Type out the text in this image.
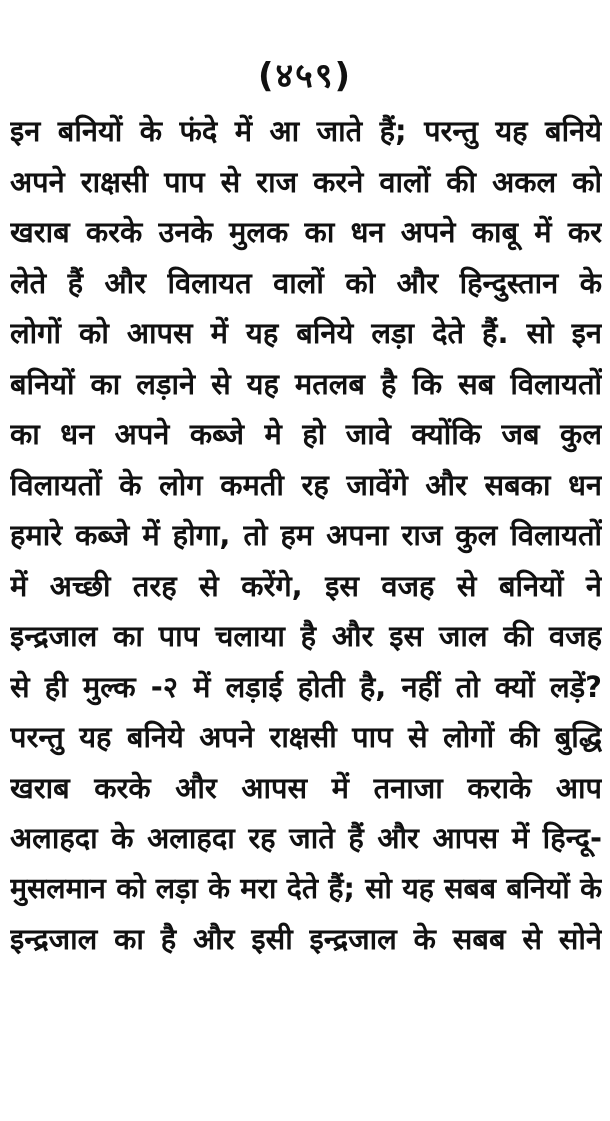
(४५९)
इन बनियों के फंदे में आ जाते हैं; परन्तु यह बनिये
अपने राक्षसी पाप से राज करने वालों की अकल को
खराब करके उनके मुलक का धन अपने काबू में कर
लेते हैं और विलायत वालों को और हिन्दुस्तान के
लोगों को आपस में यह बनिये लड़ा देते हैं. सो इन
बनियों का लड़ाने से यह मतलब है कि सब विलायतों
का धन अपने कब्जे मे हो जावे क्योंकि जब कुल
विलायतों के लोग कमती रह जावेंगे और सबका धन
हमारे कब्जे में होगा, तो हम अपना राज कुल विलायतों
में अच्छी तरह से करेंगे, इस वजह से बनियों ने
इन्द्रजाल का पाप चलाया है और इस जाल की वजह
से ही मुल्क -२ में लड़ाई होती है, नहीं तो क्यों लड़ें?
परन्तु यह बनिये अपने राक्षसी पाप से लोगों की बुद्धि
खराब करके और आपस में तनाजा कराके आप
अलाहदा के अलाहदा रह जाते हैं और आपस में हिन्दू-
मुसलमान को लड़ा के मरा देते हैं; सो यह सबब बनियों के
इन्द्रजाल का है और इसी इन्द्रजाल के सबब से सोने
